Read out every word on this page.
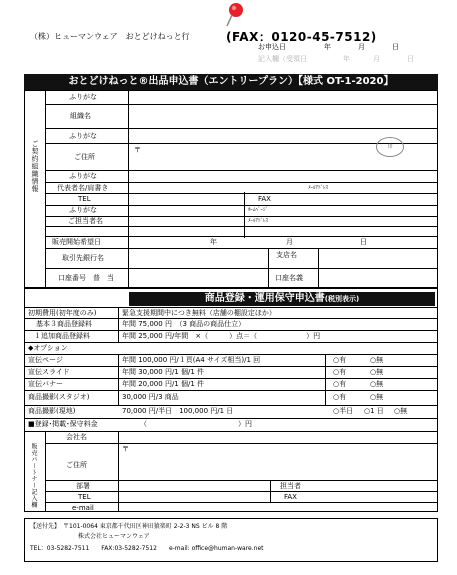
（株）ヒューマンウェア　おとどけねっと行	(FAX：0120-45-7512)
お申込日	年	月	日
記入欄（受領日	年	月	日
おとどけねっと®出品申込書（エントリープラン）【様式 OT-1-2020】
ご契約組織情報
ふりがな
組織名
印
ふりがな
ご住所
〒
ふりがな
代表者名/肩書き	ﾒｰﾙｱﾄﾞﾚｽ
TEL	FAX
ふりがな	ﾎｰﾑﾍﾟｰｼﾞ
ご担当者名	ﾒｰﾙｱﾄﾞﾚｽ
販売開始希望日	年	月	日
取引先銀行名	支店名
口座番号　普　当	口座名義
商品登録・運用保守申込書(税別表示)
初期費用(初年度のみ)	緊急支援期間中につき無料（店舗の棚設定ほか）
基本３商品登録料	年間 75,000 円　（3 商品の商品仕立）
１追加商品登録料	年間 25,000 円/年間　×（　　　）点＝（　　　　　　　）円
◆オプション
宣伝ページ	年間 100,000 円/１頁(A4 サイズ相当)/1 回	○有	○無
宣伝スライド	年間 30,000 円/1 個/1 件	○有	○無
宣伝バナー	年間 20,000 円/1 個/1 件	○有	○無
商品撮影(スタジオ)	30,000 円/3 商品	○有	○無
商品撮影(現地)	70,000 円/半日　100,000 円/1 日	○半日 ○1 日 ○無
■登録･掲載･保守料金	（　　　　　　　　　　　　　）円
販売パートナー記入欄
会社名
ご住所
〒
部署	担当者
TEL	FAX
e-mail
【送付先】　〒101-0064 東京都千代田区神田猿楽町 2-2-3 NS ビル 8 階
株式会社ヒューマンウェア
TEL：03-5282-7511　　FAX:03-5282-7512　　e-mail: office@human-ware.net
